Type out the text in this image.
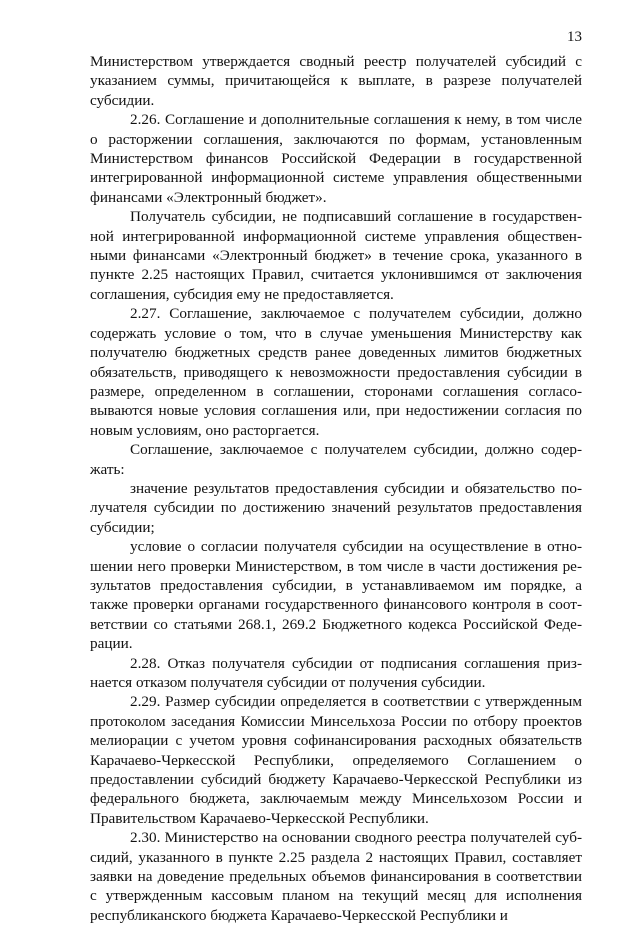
13

Министерством утверждается сводный реестр получателей субсидий с указанием суммы, причитающейся к выплате, в разрезе получателей субсидии.

2.26. Соглашение и дополнительные соглашения к нему, в том числе о расторжении соглашения, заключаются по формам, установленным Министерством финансов Российской Федерации в государственной интегрированной информационной системе управления общественными финансами «Электронный бюджет».

Получатель субсидии, не подписавший соглашение в государственной интегрированной информационной системе управления общественными финансами «Электронный бюджет» в течение срока, указанного в пункте 2.25 настоящих Правил, считается уклонившимся от заключения соглашения, субсидия ему не предоставляется.

2.27. Соглашение, заключаемое с получателем субсидии, должно содержать условие о том, что в случае уменьшения Министерству как получателю бюджетных средств ранее доведенных лимитов бюджетных обязательств, приводящего к невозможности предоставления субсидии в размере, определенном в соглашении, сторонами соглашения согласовываются новые условия соглашения или, при недостижении согласия по новым условиям, оно расторгается.

Соглашение, заключаемое с получателем субсидии, должно содержать:

значение результатов предоставления субсидии и обязательство получателя субсидии по достижению значений результатов предоставления субсидии;

условие о согласии получателя субсидии на осуществление в отношении него проверки Министерством, в том числе в части достижения результатов предоставления субсидии, в устанавливаемом им порядке, а также проверки органами государственного финансового контроля в соответствии со статьями 268.1, 269.2 Бюджетного кодекса Российской Федерации.

2.28. Отказ получателя субсидии от подписания соглашения признается отказом получателя субсидии от получения субсидии.

2.29. Размер субсидии определяется в соответствии с утвержденным протоколом заседания Комиссии Минсельхоза России по отбору проектов мелиорации с учетом уровня софинансирования расходных обязательств Карачаево-Черкесской Республики, определяемого Соглашением о предоставлении субсидий бюджету Карачаево-Черкесской Республики из федерального бюджета, заключаемым между Минсельхозом России и Правительством Карачаево-Черкесской Республики.

2.30. Министерство на основании сводного реестра получателей субсидий, указанного в пункте 2.25 раздела 2 настоящих Правил, составляет заявки на доведение предельных объемов финансирования в соответствии с утвержденным кассовым планом на текущий месяц для исполнения республиканского бюджета Карачаево-Черкесской Республики и
